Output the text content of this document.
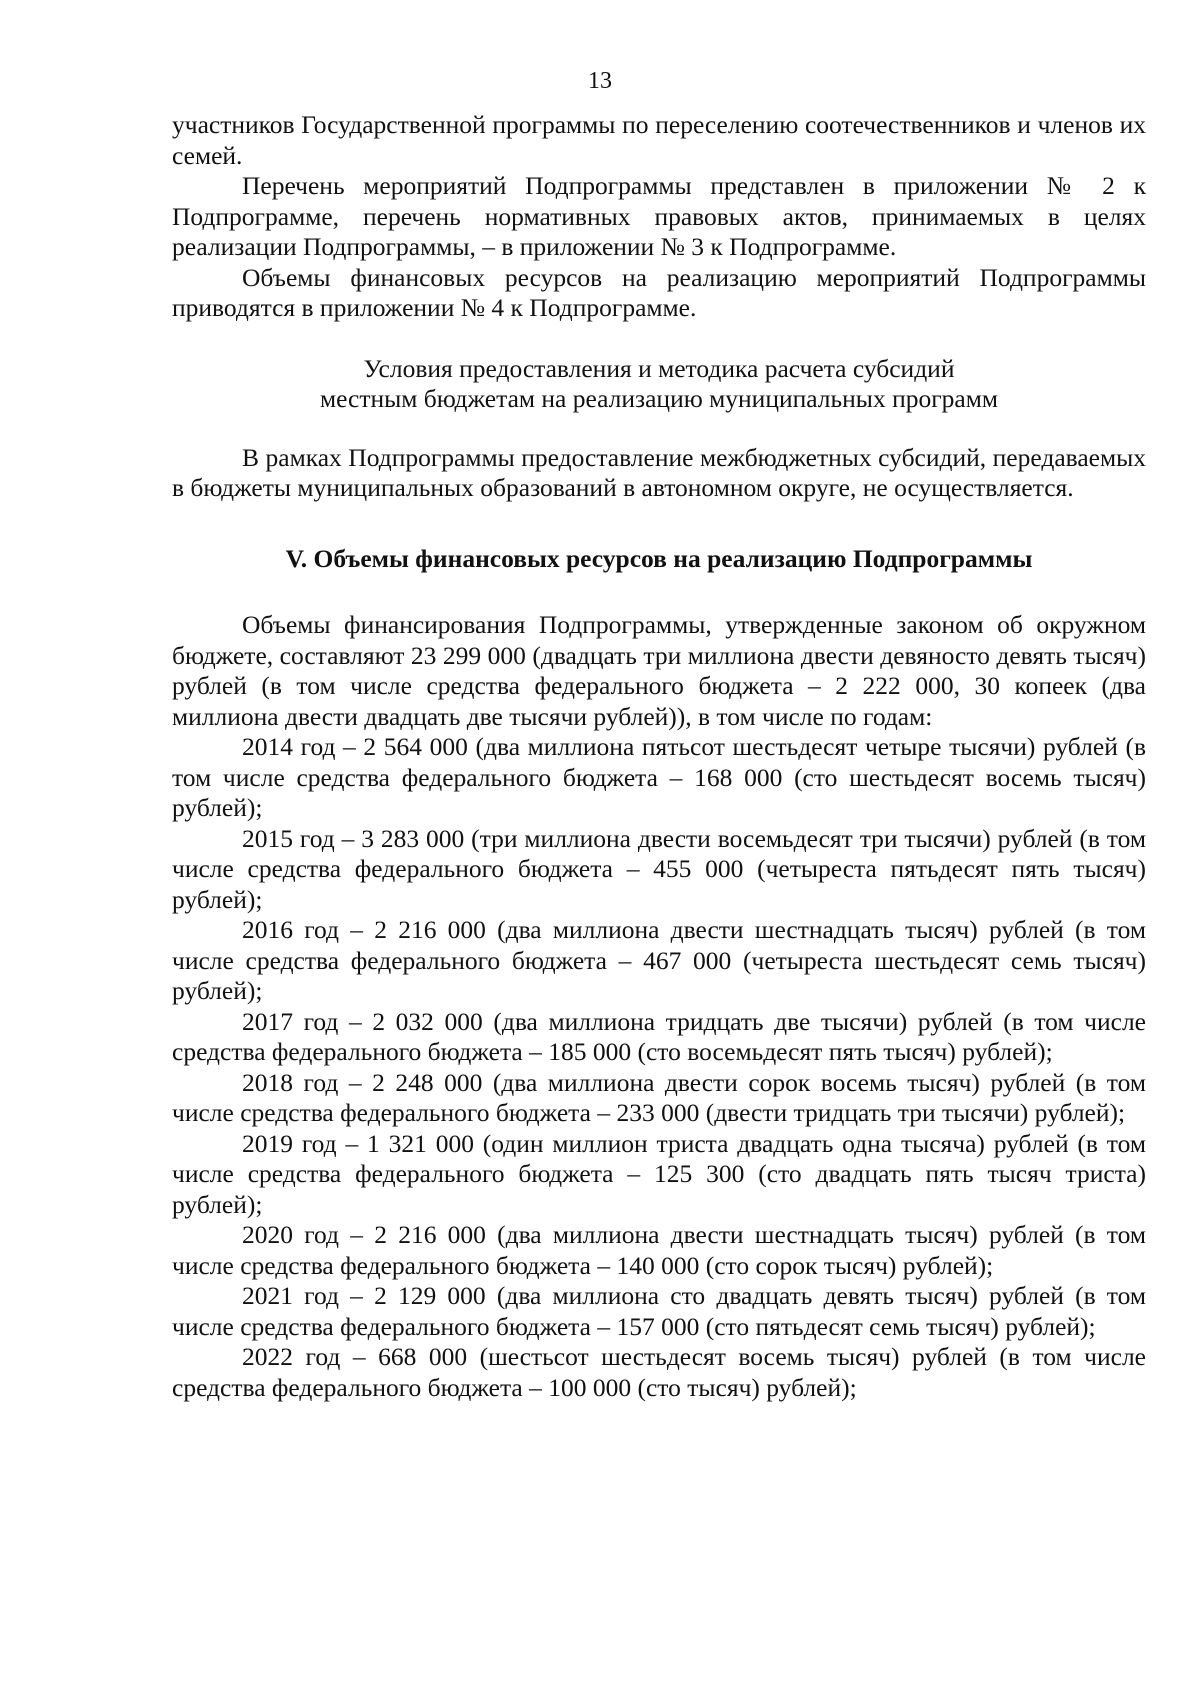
13

участников Государственной программы по переселению соотечественников и членов их семей.

Перечень мероприятий Подпрограммы представлен в приложении № 2 к Подпрограмме, перечень нормативных правовых актов, принимаемых в целях реализации Подпрограммы, – в приложении № 3 к Подпрограмме.

Объемы финансовых ресурсов на реализацию мероприятий Подпрограммы приводятся в приложении № 4 к Подпрограмме.

Условия предоставления и методика расчета субсидий
местным бюджетам на реализацию муниципальных программ

В рамках Подпрограммы предоставление межбюджетных субсидий, передаваемых в бюджеты муниципальных образований в автономном округе, не осуществляется.

V. Объемы финансовых ресурсов на реализацию Подпрограммы

Объемы финансирования Подпрограммы, утвержденные законом об окружном бюджете, составляют 23 299 000 (двадцать три миллиона двести девяносто девять тысяч) рублей (в том числе средства федерального бюджета – 2 222 000, 30 копеек (два миллиона двести двадцать две тысячи рублей)), в том числе по годам:

2014 год – 2 564 000 (два миллиона пятьсот шестьдесят четыре тысячи) рублей (в том числе средства федерального бюджета – 168 000 (сто шестьдесят восемь тысяч) рублей);

2015 год – 3 283 000 (три миллиона двести восемьдесят три тысячи) рублей (в том числе средства федерального бюджета – 455 000 (четыреста пятьдесят пять тысяч) рублей);

2016 год – 2 216 000 (два миллиона двести шестнадцать тысяч) рублей (в том числе средства федерального бюджета – 467 000 (четыреста шестьдесят семь тысяч) рублей);

2017 год – 2 032 000 (два миллиона тридцать две тысячи) рублей (в том числе средства федерального бюджета – 185 000 (сто восемьдесят пять тысяч) рублей);

2018 год – 2 248 000 (два миллиона двести сорок восемь тысяч) рублей (в том числе средства федерального бюджета – 233 000 (двести тридцать три тысячи) рублей);

2019 год – 1 321 000 (один миллион триста двадцать одна тысяча) рублей (в том числе средства федерального бюджета – 125 300 (сто двадцать пять тысяч триста) рублей);

2020 год – 2 216 000 (два миллиона двести шестнадцать тысяч) рублей (в том числе средства федерального бюджета – 140 000 (сто сорок тысяч) рублей);

2021 год – 2 129 000 (два миллиона сто двадцать девять тысяч) рублей (в том числе средства федерального бюджета – 157 000 (сто пятьдесят семь тысяч) рублей);

2022 год – 668 000 (шестьсот шестьдесят восемь тысяч) рублей (в том числе средства федерального бюджета – 100 000 (сто тысяч) рублей);
